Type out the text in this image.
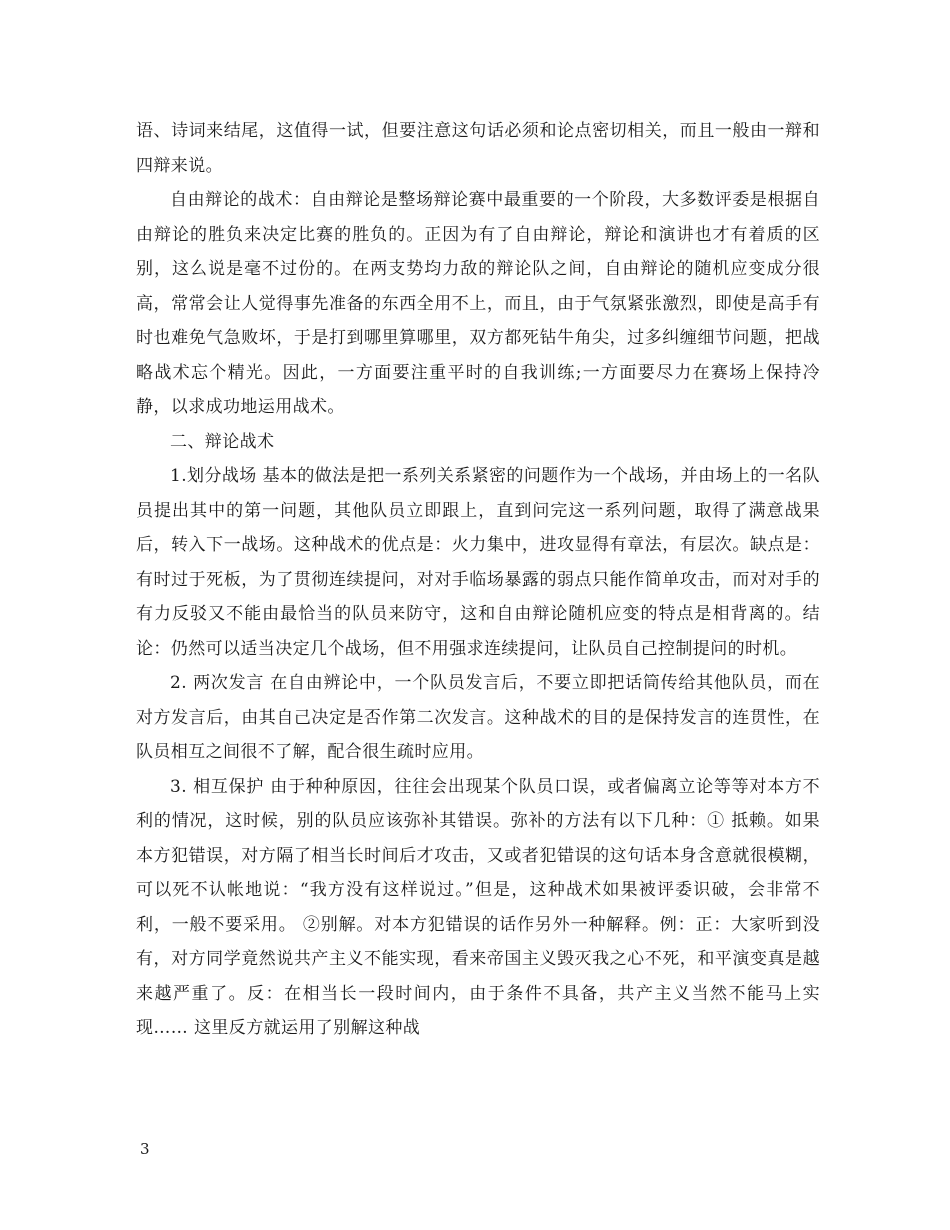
语、诗词来结尾，这值得一试，但要注意这句话必须和论点密切相关，而且一般由一辩和四辩来说。

自由辩论的战术：自由辩论是整场辩论赛中最重要的一个阶段，大多数评委是根据自由辩论的胜负来决定比赛的胜负的。正因为有了自由辩论，辩论和演讲也才有着质的区别，这么说是毫不过份的。在两支势均力敌的辩论队之间，自由辩论的随机应变成分很高，常常会让人觉得事先准备的东西全用不上，而且，由于气氛紧张激烈，即使是高手有时也难免气急败坏，于是打到哪里算哪里，双方都死钻牛角尖，过多纠缠细节问题，把战略战术忘个精光。因此，一方面要注重平时的自我训练;一方面要尽力在赛场上保持冷静，以求成功地运用战术。

二、辩论战术

1.划分战场 基本的做法是把一系列关系紧密的问题作为一个战场，并由场上的一名队员提出其中的第一问题，其他队员立即跟上，直到问完这一系列问题，取得了满意战果后，转入下一战场。这种战术的优点是：火力集中，进攻显得有章法，有层次。缺点是：有时过于死板，为了贯彻连续提问，对对手临场暴露的弱点只能作简单攻击，而对对手的有力反驳又不能由最恰当的队员来防守，这和自由辩论随机应变的特点是相背离的。结论：仍然可以适当决定几个战场，但不用强求连续提问，让队员自己控制提问的时机。

2. 两次发言 在自由辨论中，一个队员发言后，不要立即把话筒传给其他队员，而在对方发言后，由其自己决定是否作第二次发言。这种战术的目的是保持发言的连贯性，在队员相互之间很不了解，配合很生疏时应用。

3. 相互保护 由于种种原因，往往会出现某个队员口误，或者偏离立论等等对本方不利的情况，这时候，别的队员应该弥补其错误。弥补的方法有以下几种：① 抵赖。如果本方犯错误，对方隔了相当长时间后才攻击，又或者犯错误的这句话本身含意就很模糊，可以死不认帐地说：“我方没有这样说过。”但是，这种战术如果被评委识破，会非常不利，一般不要采用。 ②别解。对本方犯错误的话作另外一种解释。例：正：大家听到没有，对方同学竟然说共产主义不能实现，看来帝国主义毁灭我之心不死，和平演变真是越来越严重了。反：在相当长一段时间内，由于条件不具备，共产主义当然不能马上实现…… 这里反方就运用了别解这种战

3
